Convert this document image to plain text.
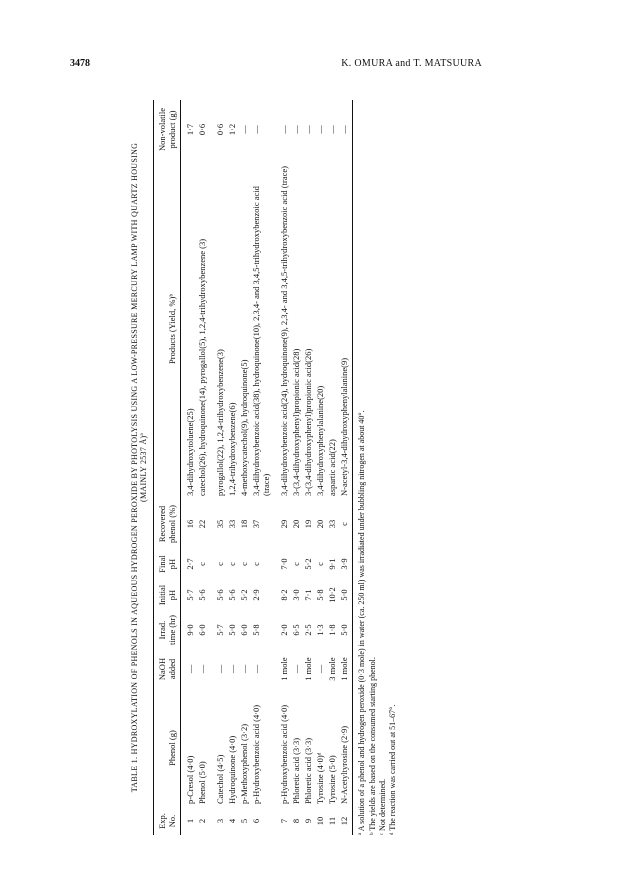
3478	K. OMURA and T. MATSUURA
TABLE 1. HYDROXYLATION OF PHENOLS IN AQUEOUS HYDROGEN PEROXIDE BY PHOTOLYSIS USING A LOW-PRESSURE MERCURY LAMP WITH QUARTZ HOUSING (MAINLY 2537 Å)ª
Exp. No.	Phenol (g)	NaOH added	Irrad. time (hr)	Initial pH	Final pH	Recovered phenol (%)	Products (Yield, %)ᵇ	Non-volatile product (g)
1	p-Cresol (4·0)	—	9·0	5·7	2·7	16	3,4-dihydroxytoluene(25)	1·7
2	Phenol (5·0)	—	6·0	5·6	c	22	catechol(26), hydroquinone(14), pyrogallol(5), 1,2,4-trihydroxybenzene (3)	0·6
3	Catechol (4·5)	—	5·7	5·6	c	35	pyrogallol(22), 1,2,4-trihydroxybenzene(3)	0·6
4	Hydroquinone (4·0)	—	5·0	5·6	c	33	1,2,4-trihydroxybenzene(6)	1·2
5	p-Methoxyphenol (3·2)	—	6·0	5·2	c	18	4-methoxycatechol(9), hydroquinone(5)	—
6	p-Hydroxybenzoic acid (4·0)	—	5·8	2·9	c	37	3,4-dihydroxybenzoic acid(38), hydroquinone(10), 2,3,4- and 3,4,5-trihydroxybenzoic acid (trace)	—
7	p-Hydroxybenzoic acid (4·0)	1 mole	2·0	8·2	7·0	29	3,4-dihydroxybenzoic acid(24), hydroquinone(9), 2,3,4- and 3,4,5-trihydroxybenzoic acid (trace)	—
8	Phloretic acid (3·3)	—	6·5	3·0	c	20	3-(3,4-dihydroxyphenyl)propionic acid(28)	—
9	Phloretic acid (3·3)	1 mole	2·5	7·1	5·2	19	3-(3,4-dihydroxyphenyl)propionic acid(26)	—
10	Tyrosine (4·0)ᵈ	—	1·3	5·8	c	20	3,4-dihydroxyphenylalanine(20)	—
11	Tyrosine (5·0)	3 mole	1·8	10·2	9·1	33	aspartic acid(22)	—
12	N-Acetyltyrosine (2·9)	1 mole	5·0	5·0	3·9	c	N-acetyl-3,4-dihydroxyphenylalanine(9)	—
ª A solution of a phenol and hydrogen peroxide (0·3 mole) in water (ca. 250 ml) was irradiated under bubbling nitrogen at about 40°. ᵇ The yields are based on the consumed starting phenol. ᶜ Not determined. ᵈ The reaction was carried out at 51–67°.
